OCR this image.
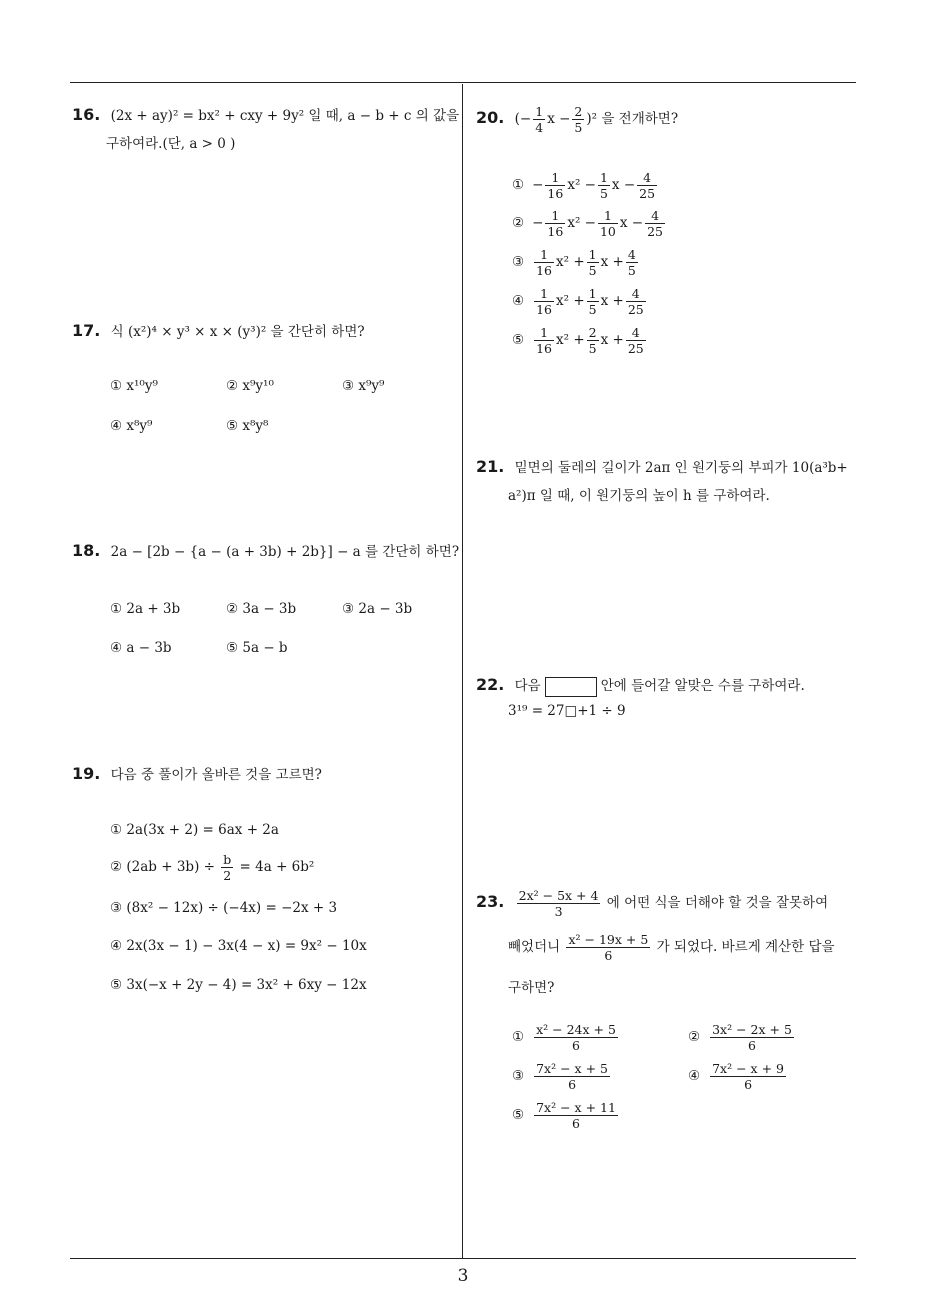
16. (2x + ay)² = bx² + cxy + 9y² 일 때, a − b + c 의 값을
구하여라.(단, a > 0 )
17. 식 (x²)⁴ × y³ × x × (y³)² 을 간단히 하면?
① x¹⁰y⁹	② x⁹y¹⁰	③ x⁹y⁹
④ x⁸y⁹	⑤ x⁸y⁸
18. 2a − [2b − {a − (a + 3b) + 2b}] − a 를 간단히 하면?
① 2a + 3b	② 3a − 3b	③ 2a − 3b
④ a − 3b	⑤ 5a − b
19. 다음 중 풀이가 올바른 것을 고르면?
① 2a(3x + 2) = 6ax + 2a
② $(2ab + 3b) \div \frac{b}{2} = 4a + 6b^2$
③ (8x² − 12x) ÷ (−4x) = −2x + 3
④ 2x(3x − 1) − 3x(4 − x) = 9x² − 10x
⑤ 3x(−x + 2y − 4) = 3x² + 6xy − 12x
20. (− $\frac{1}{4}$ $x - \frac{2}{5} )^2$ 을 전개하면?
① − $\frac{1}{16} x^2 - \frac{1}{5}$ $x - \frac{4}{25}$
② − $\frac{1}{16} x^2 - \frac{1}{10}$ $x - \frac{4}{25}$
③ $\frac{1}{16} x^2 + \frac{1}{5}$ $x + \frac{4}{5}$
④ $\frac{1}{16} x^2 + \frac{1}{5}$ $x + \frac{4}{25}$
⑤ $\frac{1}{16} x^2 + \frac{2}{5}$ $x + \frac{4}{25}$
21. 밑면의 둘레의 길이가 2aπ 인 원기둥의 부피가 10(a³b+
a²)π 일 때, 이 원기둥의 높이 h 를 구하여라.
22. 다음	안에 들어갈 알맞은 수를 구하여라.
3¹⁹ = 27□+1 ÷ 9
23. $\frac{\text{2x² − 5x + 4}}{3}$ 에 어떤 식을 더해야 할 것을 잘못하여
빼었더니 $\frac{\text{x² − 19x + 5}}{6}$ 가 되었다. 바르게 계산한 답을
구하면?
① $\frac{\text{x² − 24x + 5}}{6}$	② $\frac{\text{3x² − 2x + 5}}{6}$
③ $\frac{\text{7x² − x + 5}}{6}$	④ $\frac{\text{7x² − x + 9}}{6}$
⑤ $\frac{\text{7x² − x + 11}}{6}$
3
